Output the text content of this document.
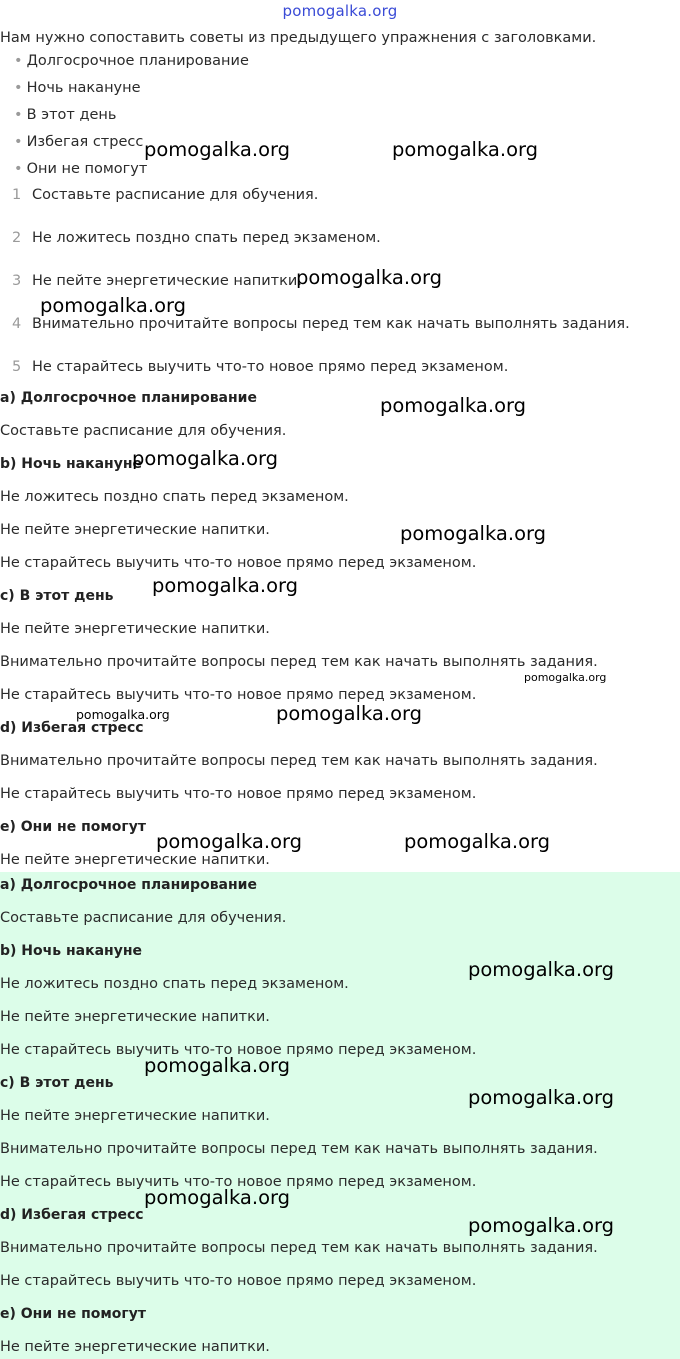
pomogalka.org
Нам нужно сопоставить советы из предыдущего упражнения с заголовками.
• Долгосрочное планирование
• Ночь накануне
• В этот день
• Избегая стресс
• Они не помогут
1 Составьте расписание для обучения.
2 Не ложитесь поздно спать перед экзаменом.
3 Не пейте энергетические напитки.
4 Внимательно прочитайте вопросы перед тем как начать выполнять задания.
5 Не старайтесь выучить что-то новое прямо перед экзаменом.
a) Долгосрочное планирование
Составьте расписание для обучения.
b) Ночь накануне
Не ложитесь поздно спать перед экзаменом.
Не пейте энергетические напитки.
Не старайтесь выучить что-то новое прямо перед экзаменом.
c) В этот день
Не пейте энергетические напитки.
Внимательно прочитайте вопросы перед тем как начать выполнять задания.
Не старайтесь выучить что-то новое прямо перед экзаменом.
d) Избегая стресс
Внимательно прочитайте вопросы перед тем как начать выполнять задания.
Не старайтесь выучить что-то новое прямо перед экзаменом.
e) Они не помогут
Не пейте энергетические напитки.
a) Долгосрочное планирование
Составьте расписание для обучения.
b) Ночь накануне
Не ложитесь поздно спать перед экзаменом.
Не пейте энергетические напитки.
Не старайтесь выучить что-то новое прямо перед экзаменом.
c) В этот день
Не пейте энергетические напитки.
Внимательно прочитайте вопросы перед тем как начать выполнять задания.
Не старайтесь выучить что-то новое прямо перед экзаменом.
d) Избегая стресс
Внимательно прочитайте вопросы перед тем как начать выполнять задания.
Не старайтесь выучить что-то новое прямо перед экзаменом.
e) Они не помогут
Не пейте энергетические напитки.
pomogalka.org	pomogalka.org
pomogalka.org
pomogalka.org
pomogalka.org
pomogalka.org
pomogalka.org
pomogalka.org
pomogalka.org
pomogalka.org	pomogalka.org
pomogalka.org	pomogalka.org
pomogalka.org
pomogalka.org
pomogalka.org
pomogalka.org
pomogalka.org
